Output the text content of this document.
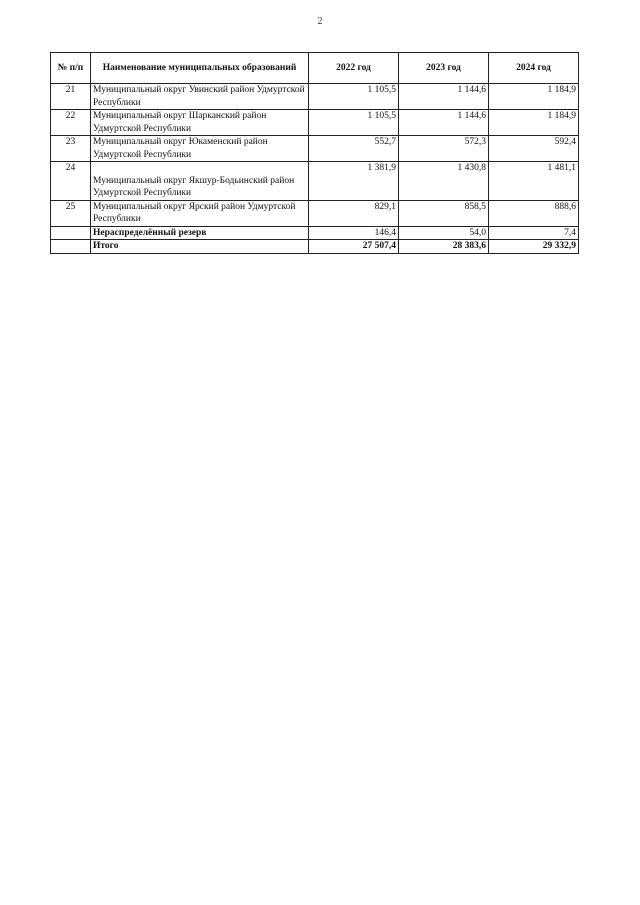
2
№ п/п	Наименование муниципальных образований	2022 год	2023 год	2024 год
21	Муниципальный округ Увинский район Удмуртской Республики	1 105,5	1 144,6	1 184,9
22	Муниципальный округ Шарканский район Удмуртской Республики	1 105,5	1 144,6	1 184,9
23	Муниципальный округ Юкаменский район Удмуртской Республики	552,7	572,3	592,4
24	Муниципальный округ Якшур-Бодьинский район Удмуртской Республики	1 381,9	1 430,8	1 481,1
25	Муниципальный округ Ярский район Удмуртской Республики	829,1	858,5	888,6
	Нераспределённый резерв	146,4	54,0	7,4
	Итого	27 507,4	28 383,6	29 332,9
